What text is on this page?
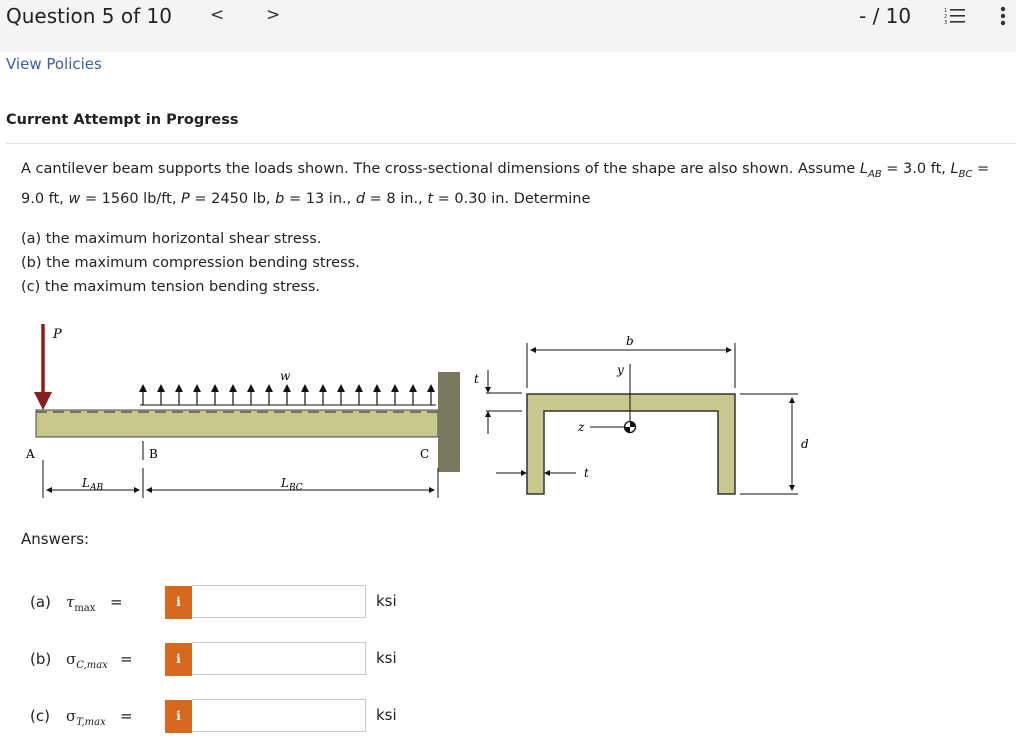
Question 5 of 10 < >	- / 10	1
2
3
View Policies
Current Attempt in Progress
A cantilever beam supports the loads shown. The cross-sectional dimensions of the shape are also shown. Assume $L_{AB} = 3.0$ ft, $L_{BC} = 9.0$ ft, w = 1560 lb/ft, P = 2450 lb, b = 13 in., d = 8 in., t = 0.30 in. Determine
(a) the maximum horizontal shear stress.
(b) the maximum compression bending stress.
(c) the maximum tension bending stress.
P
w
A	B	C
$L_{AB}$	$L_{BC}$
b
y
z
t
t
d
Answers:
(a) $\tau_{max}$ =	i	ksi
(b) $\sigma_{C,max}$ =	i	ksi
(c) $\sigma_{T,max}$ =	i	ksi
